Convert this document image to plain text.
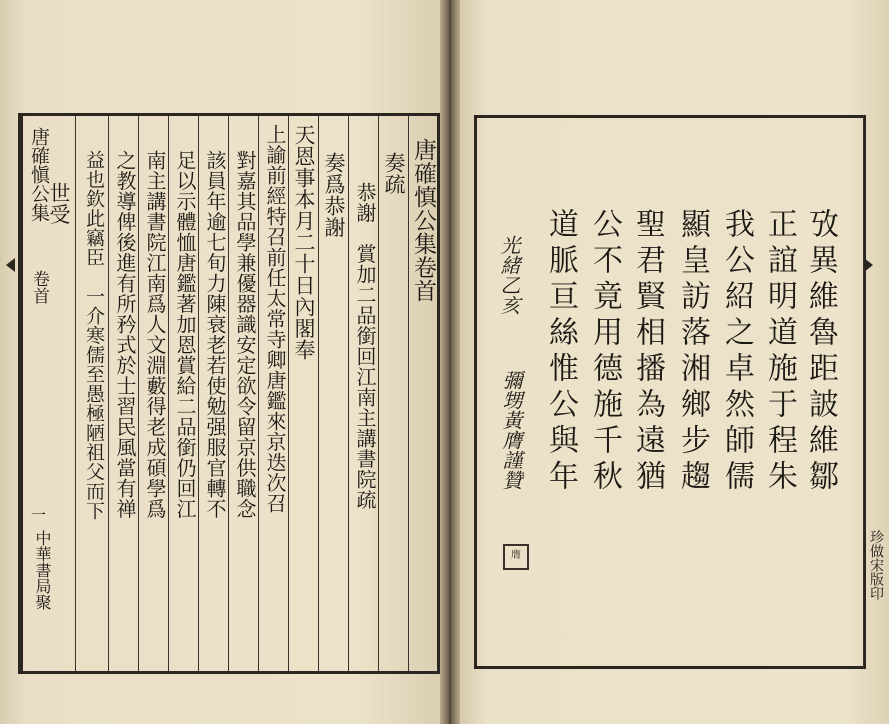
唐確慎公集卷首
奏疏
恭謝　賞加二品銜回江南主講書院疏
奏爲恭謝
天恩事本月二十日內閣奉
上諭前經特召前任太常寺卿唐鑑來京迭次召
對嘉其品學兼優器識安定欲令留京供職念
該員年逾七旬力陳衰老若使勉强服官轉不
足以示體恤唐鑑著加恩賞給二品銜仍回江
南主講書院江南爲人文淵藪得老成碩學爲
之教導俾後進有所矜式於士習民風當有禅
益也欽此竊臣　一介寒儒至愚極陋祖父而下
世受
唐確愼公集
卷首
一
中華書局聚
攷異維魯距詖維鄒
正誼明道施于程朱
我公紹之卓然師儒
顯皇訪落湘鄉步趨
聖君賢相播為遠猶
公不竟用德施千秋
道脈亘絲惟公與年
光緒乙亥
彌甥黃膺謹贊
膺	珍做宋版印
